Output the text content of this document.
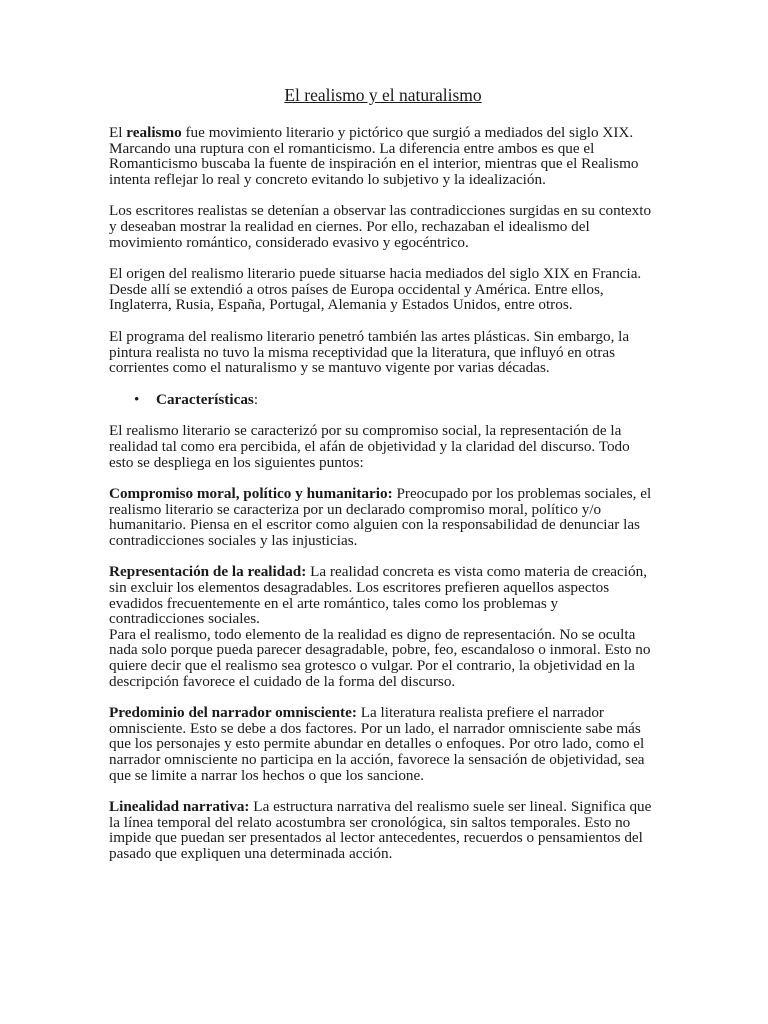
El realismo y el naturalismo

El realismo fue movimiento literario y pictórico que surgió a mediados del siglo XIX. Marcando una ruptura con el romanticismo. La diferencia entre ambos es que el Romanticismo buscaba la fuente de inspiración en el interior, mientras que el Realismo intenta reflejar lo real y concreto evitando lo subjetivo y la idealización.

Los escritores realistas se detenían a observar las contradicciones surgidas en su contexto y deseaban mostrar la realidad en ciernes. Por ello, rechazaban el idealismo del movimiento romántico, considerado evasivo y egocéntrico.

El origen del realismo literario puede situarse hacia mediados del siglo XIX en Francia. Desde allí se extendió a otros países de Europa occidental y América. Entre ellos, Inglaterra, Rusia, España, Portugal, Alemania y Estados Unidos, entre otros.

El programa del realismo literario penetró también las artes plásticas. Sin embargo, la pintura realista no tuvo la misma receptividad que la literatura, que influyó en otras corrientes como el naturalismo y se mantuvo vigente por varias décadas.

• Características:

El realismo literario se caracterizó por su compromiso social, la representación de la realidad tal como era percibida, el afán de objetividad y la claridad del discurso. Todo esto se despliega en los siguientes puntos:

Compromiso moral, político y humanitario: Preocupado por los problemas sociales, el realismo literario se caracteriza por un declarado compromiso moral, político y/o humanitario. Piensa en el escritor como alguien con la responsabilidad de denunciar las contradicciones sociales y las injusticias.

Representación de la realidad: La realidad concreta es vista como materia de creación, sin excluir los elementos desagradables. Los escritores prefieren aquellos aspectos evadidos frecuentemente en el arte romántico, tales como los problemas y contradicciones sociales.

Para el realismo, todo elemento de la realidad es digno de representación. No se oculta nada solo porque pueda parecer desagradable, pobre, feo, escandaloso o inmoral. Esto no quiere decir que el realismo sea grotesco o vulgar. Por el contrario, la objetividad en la descripción favorece el cuidado de la forma del discurso.

Predominio del narrador omnisciente: La literatura realista prefiere el narrador omnisciente. Esto se debe a dos factores. Por un lado, el narrador omnisciente sabe más que los personajes y esto permite abundar en detalles o enfoques. Por otro lado, como el narrador omnisciente no participa en la acción, favorece la sensación de objetividad, sea que se limite a narrar los hechos o que los sancione.

Linealidad narrativa: La estructura narrativa del realismo suele ser lineal. Significa que la línea temporal del relato acostumbra ser cronológica, sin saltos temporales. Esto no impide que puedan ser presentados al lector antecedentes, recuerdos o pensamientos del pasado que expliquen una determinada acción.
